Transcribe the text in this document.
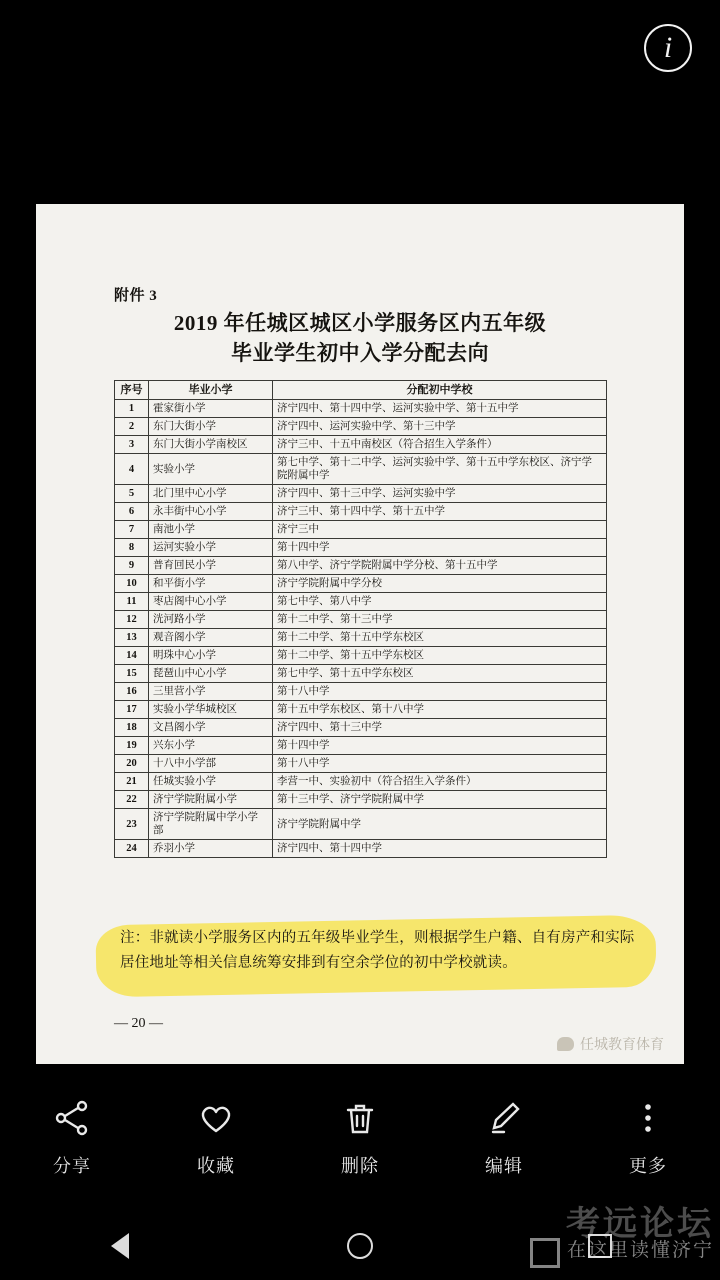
i
附件 3
2019 年任城区城区小学服务区内五年级
毕业学生初中入学分配去向
序号	毕业小学	分配初中学校
1	霍家街小学	济宁四中、第十四中学、运河实验中学、第十五中学
2	东门大街小学	济宁四中、运河实验中学、第十三中学
3	东门大街小学南校区	济宁三中、十五中南校区（符合招生入学条件）
4	实验小学	第七中学、第十二中学、运河实验中学、第十五中学东校区、济宁学院附属中学
5	北门里中心小学	济宁四中、第十三中学、运河实验中学
6	永丰街中心小学	济宁三中、第十四中学、第十五中学
7	南池小学	济宁三中
8	运河实验小学	第十四中学
9	普育回民小学	第八中学、济宁学院附属中学分校、第十五中学
10	和平街小学	济宁学院附属中学分校
11	枣店阁中心小学	第七中学、第八中学
12	洸河路小学	第十二中学、第十三中学
13	观音阁小学	第十二中学、第十五中学东校区
14	明珠中心小学	第十二中学、第十五中学东校区
15	琵琶山中心小学	第七中学、第十五中学东校区
16	三里营小学	第十八中学
17	实验小学华城校区	第十五中学东校区、第十八中学
18	文昌阁小学	济宁四中、第十三中学
19	兴东小学	第十四中学
20	十八中小学部	第十八中学
21	任城实验小学	李营一中、实验初中（符合招生入学条件）
22	济宁学院附属小学	第十三中学、济宁学院附属中学
23	济宁学院附属中学小学部	济宁学院附属中学
24	乔羽小学	济宁四中、第十四中学
注：非就读小学服务区内的五年级毕业学生，则根据学生户籍、自有房产和实际居住地址等相关信息统筹安排到有空余学位的初中学校就读。
— 20 —
任城教育体育
分享	收藏	删除	编辑	更多
考远论坛
在这里读懂济宁
